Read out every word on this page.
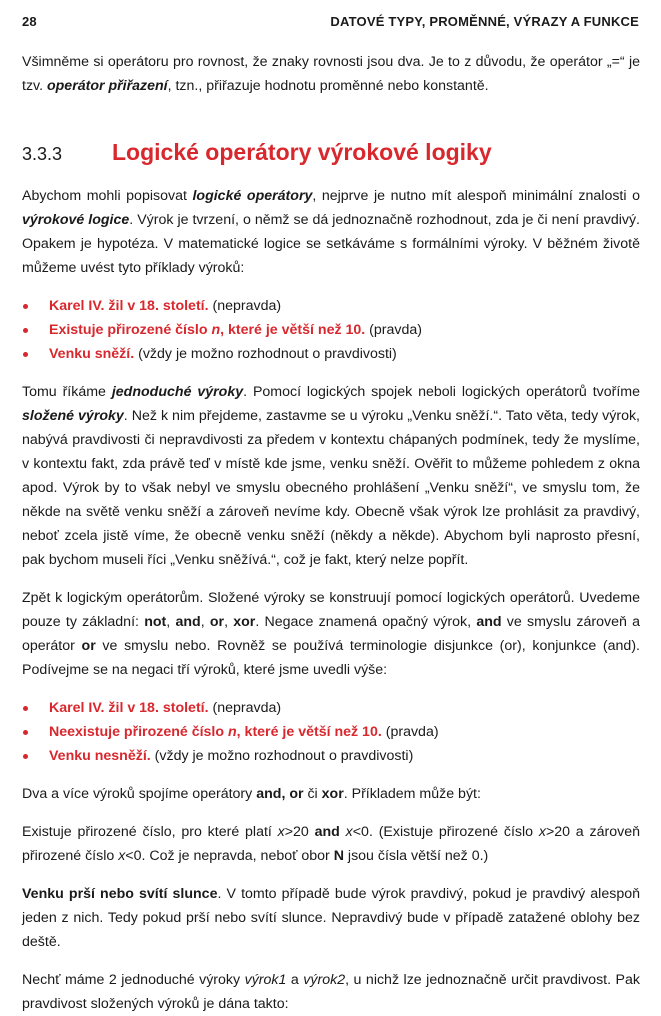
28	DATOVÉ TYPY, PROMĚNNÉ, VÝRAZY A FUNKCE

Všimněme si operátoru pro rovnost, že znaky rovnosti jsou dva. Je to z důvodu, že operátor „=“ je tzv. operátor přiřazení, tzn., přiřazuje hodnotu proměnné nebo konstantě.

3.3.3	Logické operátory výrokové logiky

Abychom mohli popisovat logické operátory, nejprve je nutno mít alespoň minimální znalosti o výrokové logice. Výrok je tvrzení, o němž se dá jednoznačně rozhodnout, zda je či není pravdivý. Opakem je hypotéza. V matematické logice se setkáváme s formálními výroky. V běžném životě můžeme uvést tyto příklady výroků:

Karel IV. žil v 18. století. (nepravda)
Existuje přirozené číslo n, které je větší než 10. (pravda)
Venku sněží. (vždy je možno rozhodnout o pravdivosti)

Tomu říkáme jednoduché výroky. Pomocí logických spojek neboli logických operátorů tvoříme složené výroky. Než k nim přejdeme, zastavme se u výroku „Venku sněží.“. Tato věta, tedy výrok, nabývá pravdivosti či nepravdivosti za předem v kontextu chápaných podmínek, tedy že myslíme, v kontextu fakt, zda právě teď v místě kde jsme, venku sněží. Ověřit to můžeme pohledem z okna apod. Výrok by to však nebyl ve smyslu obecného prohlášení „Venku sněží“, ve smyslu tom, že někde na světě venku sněží a zároveň nevíme kdy. Obecně však výrok lze prohlásit za pravdivý, neboť zcela jistě víme, že obecně venku sněží (někdy a někde). Abychom byli naprosto přesní, pak bychom museli říci „Venku sněžívá.“, což je fakt, který nelze popřít.

Zpět k logickým operátorům. Složené výroky se konstruují pomocí logických operátorů. Uvedeme pouze ty základní: not, and, or, xor. Negace znamená opačný výrok, and ve smyslu zároveň a operátor or ve smyslu nebo. Rovněž se používá terminologie disjunkce (or), konjunkce (and). Podívejme se na negaci tří výroků, které jsme uvedli výše:

Karel IV. žil v 18. století. (nepravda)
Neexistuje přirozené číslo n, které je větší než 10. (pravda)
Venku nesněží. (vždy je možno rozhodnout o pravdivosti)

Dva a více výroků spojíme operátory and, or či xor. Příkladem může být:

Existuje přirozené číslo, pro které platí x>20 and x<0. (Existuje přirozené číslo x>20 a zároveň přirozené číslo x<0. Což je nepravda, neboť obor N jsou čísla větší než 0.)

Venku prší nebo svítí slunce. V tomto případě bude výrok pravdivý, pokud je pravdivý alespoň jeden z nich. Tedy pokud prší nebo svítí slunce. Nepravdivý bude v případě zatažené oblohy bez deště.

Nechť máme 2 jednoduché výroky výrok1 a výrok2, u nichž lze jednoznačně určit pravdivost. Pak pravdivost složených výroků je dána takto:
